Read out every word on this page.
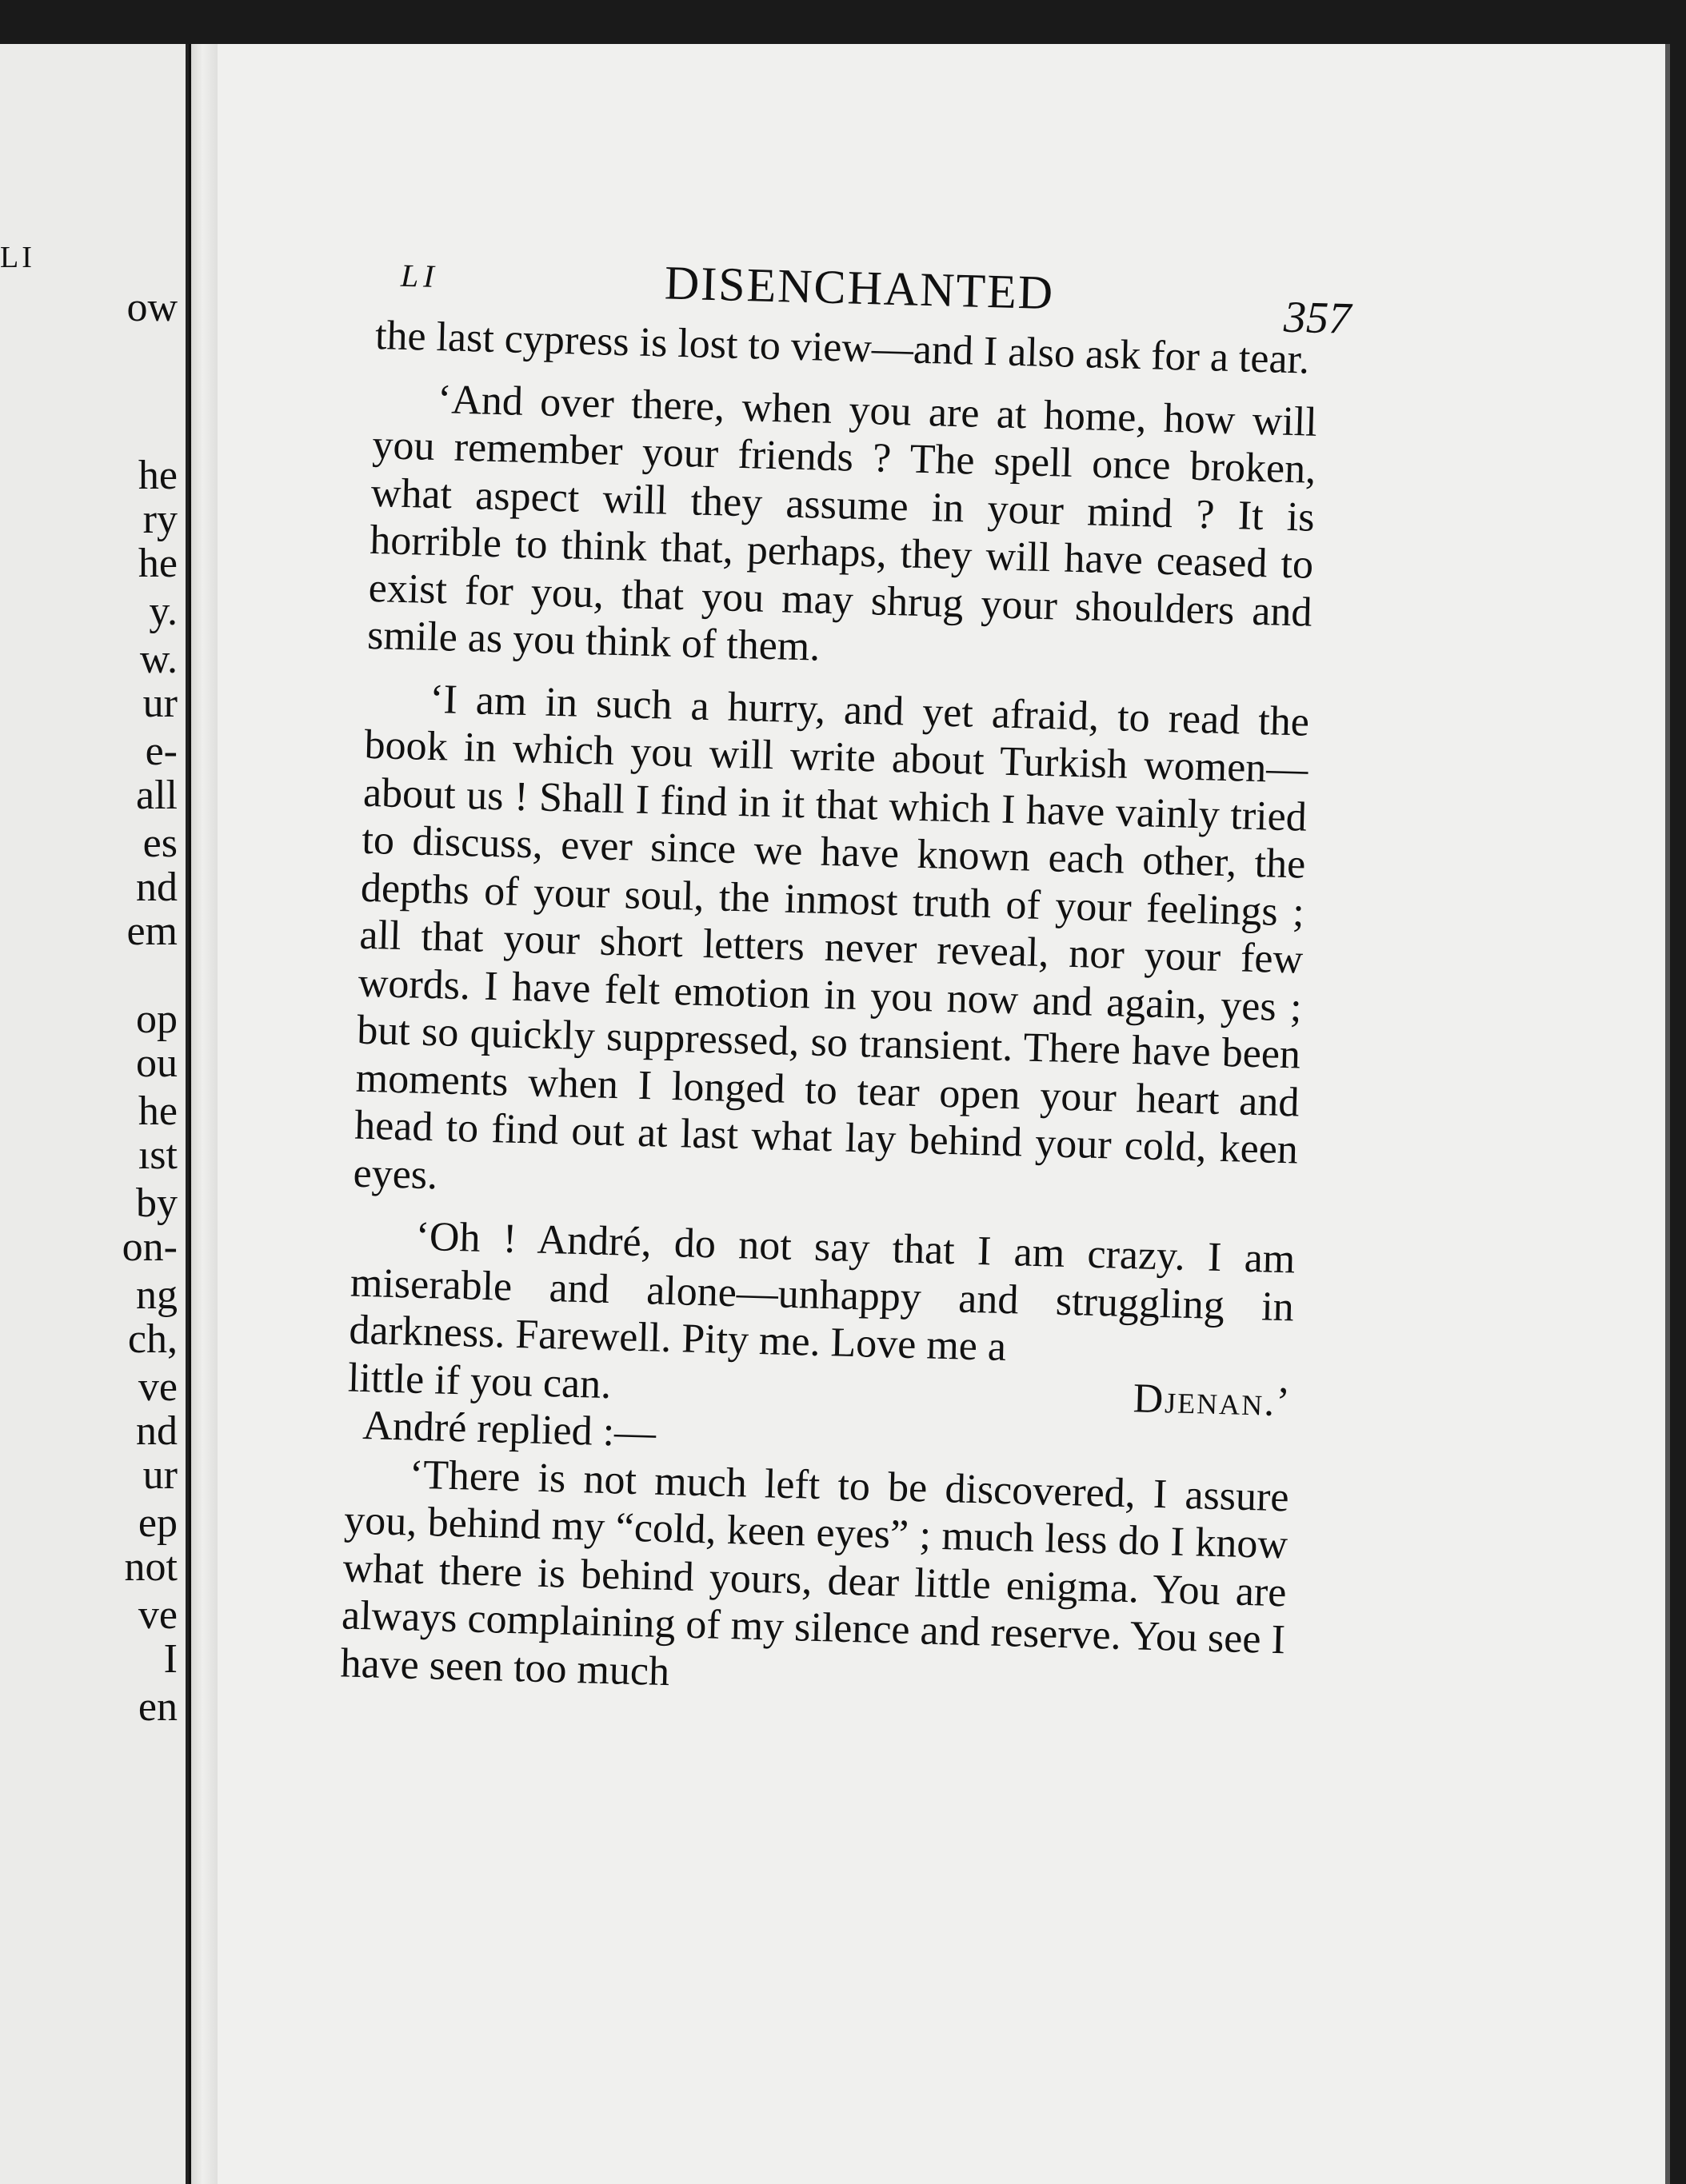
LI
ow
he
ry
he
y.
w.
ur
e-
all
es
nd
em
op
ou
he
ıst
by
on-
ng
ch,
ve
nd
ur
ep
not
ve
I
en
LI	DISENCHANTED	357

the last cypress is lost to view—and I also ask for a tear.

‘And over there, when you are at home, how will you remember your friends ? The spell once broken, what aspect will they assume in your mind ? It is horrible to think that, perhaps, they will have ceased to exist for you, that you may shrug your shoulders and smile as you think of them.

‘I am in such a hurry, and yet afraid, to read the book in which you will write about Turkish women—about us ! Shall I find in it that which I have vainly tried to discuss, ever since we have known each other, the depths of your soul, the inmost truth of your feelings ; all that your short letters never reveal, nor your few words. I have felt emotion in you now and again, yes ; but so quickly suppressed, so transient. There have been moments when I longed to tear open your heart and head to find out at last what lay behind your cold, keen eyes.

‘Oh ! André, do not say that I am crazy. I am miserable and alone—unhappy and struggling in darkness. Farewell. Pity me. Love me a

little if you can.	Djenan.’

André replied :—

‘There is not much left to be discovered, I assure you, behind my “cold, keen eyes” ; much less do I know what there is behind yours, dear little enigma. You are always complaining of my silence and reserve. You see I have seen too much
